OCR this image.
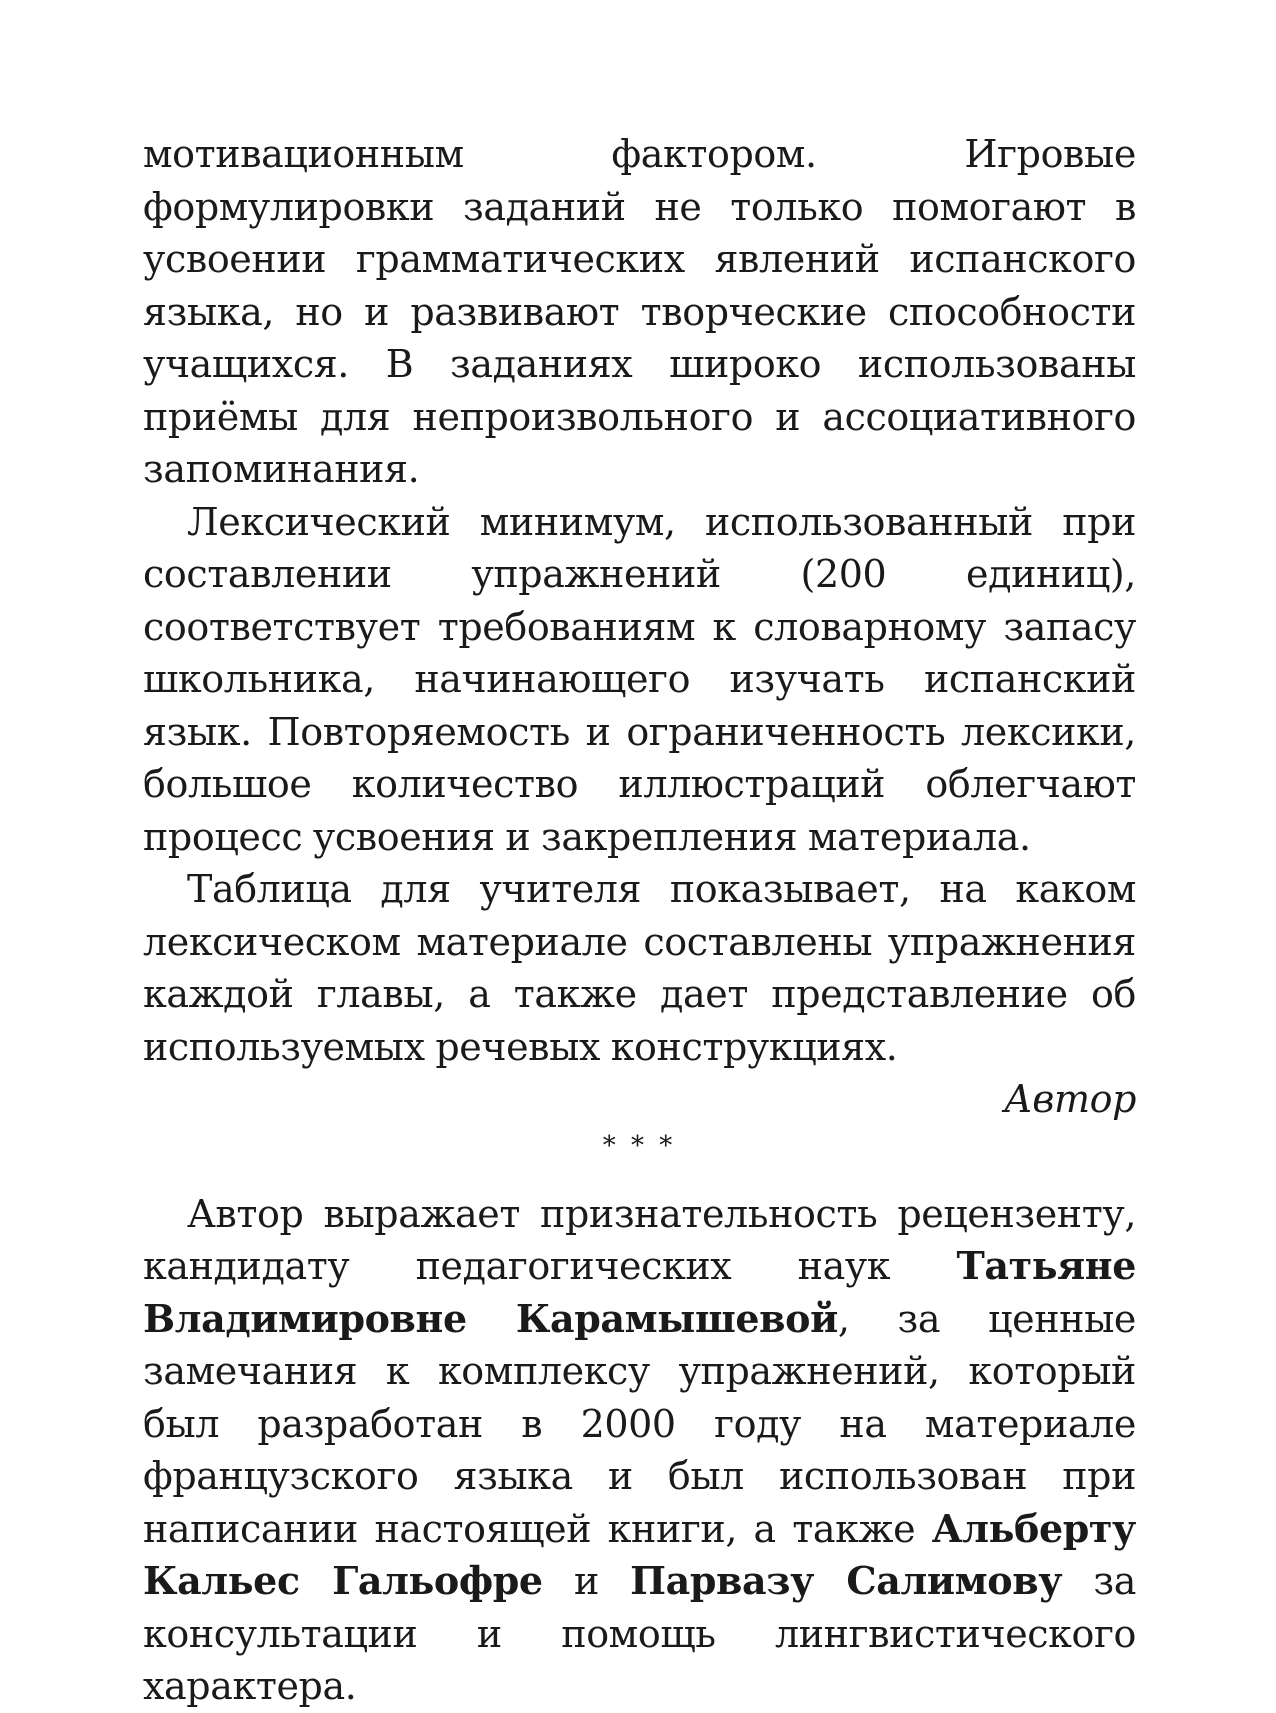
мотивационным фактором. Игровые формулировки заданий не только помогают в усвоении грамматических явлений испанского языка, но и развивают творческие способности учащихся. В заданиях широко использованы приёмы для непроизвольного и ассоциативного запоминания.

Лексический минимум, использованный при составлении упражнений (200 единиц), соответствует требованиям к словарному запасу школьника, начинающего изучать испанский язык. Повторяемость и ограниченность лексики, большое количество иллюстраций облегчают процесс усвоения и закрепления материала.

Таблица для учителя показывает, на каком лексическом материале составлены упражнения каждой главы, а также дает представление об используемых речевых конструкциях.

Автор

* * *

Автор выражает признательность рецензенту, кандидату педагогических наук Татьяне Владимировне Карамышевой, за ценные замечания к комплексу упражнений, который был разработан в 2000 году на материале французского языка и был использован при написании настоящей книги, а также Альберту Кальес Гальофре и Парвазу Салимову за консультации и помощь лингвистического характера.
